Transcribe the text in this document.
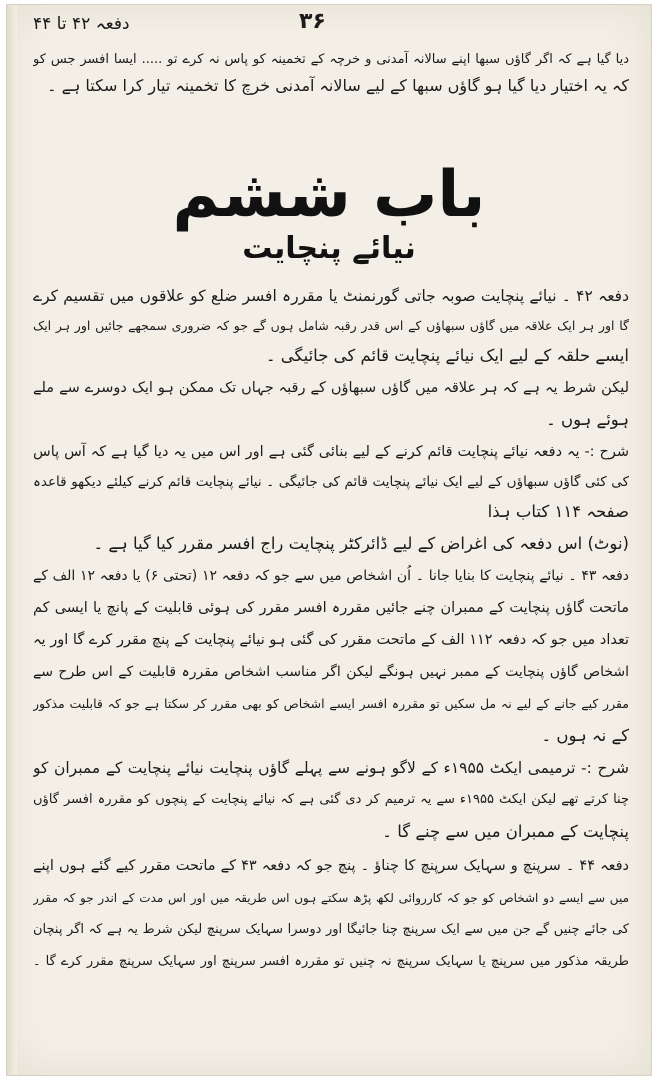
دفعہ ۴۲ تا ۴۴	۳۶
دیا گیا ہے کہ اگر گاؤں سبھا اپنے سالانہ آمدنی و خرچہ کے تخمینہ کو پاس نہ کرے تو ..... ایسا افسر جس کو
کہ یہ اختیار دیا گیا ہو گاؤں سبھا کے لیے سالانہ آمدنی خرچ کا تخمینہ تیار کرا سکتا ہے ۔
باب ششم
نیائے پنچایت
دفعہ ۴۲ ۔ نیائے پنچایت صوبہ جاتی گورنمنٹ یا مقررہ افسر ضلع کو علاقوں میں تقسیم کرے
گا اور ہر ایک علاقہ میں گاؤں سبھاؤں کے اس قدر رقبہ شامل ہوں گے جو کہ ضروری سمجھے جائیں اور ہر ایک
ایسے حلقہ کے لیے ایک نیائے پنچایت قائم کی جائیگی ۔
لیکن شرط یہ ہے کہ ہر علاقہ میں گاؤں سبھاؤں کے رقبہ جہاں تک ممکن ہو ایک دوسرے سے ملے
ہوئے ہوں ۔
شرح :- یہ دفعہ نیائے پنچایت قائم کرنے کے لیے بنائی گئی ہے اور اس میں یہ دیا گیا ہے کہ آس پاس
کی کئی گاؤں سبھاؤں کے لیے ایک نیائے پنچایت قائم کی جائیگی ۔ نیائے پنچایت قائم کرنے کیلئے دیکھو قاعدہ
صفحہ ۱۱۴ کتاب ہذا
(نوٹ) اس دفعہ کی اغراض کے لیے ڈائرکٹر پنچایت راج افسر مقرر کیا گیا ہے ۔
دفعہ ۴۳ ۔ نیائے پنچایت کا بنایا جانا ۔ اُن اشخاص میں سے جو کہ دفعہ ۱۲ (تحتی ۶) یا دفعہ ۱۲ الف کے
ماتحت گاؤں پنچایت کے ممبران چنے جائیں مقررہ افسر مقرر کی ہوئی قابلیت کے پانچ یا ایسی کم
تعداد میں جو کہ دفعہ ۱۱۲ الف کے ماتحت مقرر کی گئی ہو نیائے پنچایت کے پنچ مقرر کرے گا اور یہ
اشخاص گاؤں پنچایت کے ممبر نہیں ہونگے لیکن اگر مناسب اشخاص مقررہ قابلیت کے اس طرح سے
مقرر کیے جانے کے لیے نہ مل سکیں تو مقررہ افسر ایسے اشخاص کو بھی مقرر کر سکتا ہے جو کہ قابلیت مذکور
کے نہ ہوں ۔
شرح :- ترمیمی ایکٹ ۱۹۵۵ء کے لاگو ہونے سے پہلے گاؤں پنچایت نیائے پنچایت کے ممبران کو
چنا کرتے تھے لیکن ایکٹ ۱۹۵۵ء سے یہ ترمیم کر دی گئی ہے کہ نیائے پنچایت کے پنچوں کو مقررہ افسر گاؤں
پنچایت کے ممبران میں سے چنے گا ۔
دفعہ ۴۴ ۔ سرپنچ و سہایک سرپنچ کا چناؤ ۔ پنچ جو کہ دفعہ ۴۳ کے ماتحت مقرر کیے گئے ہوں اپنے
میں سے ایسے دو اشخاص کو جو کہ کارروائی لکھ پڑھ سکتے ہوں اس طریقہ میں اور اس مدت کے اندر جو کہ مقرر
کی جائے چنیں گے جن میں سے ایک سرپنچ چنا جائیگا اور دوسرا سہایک سرپنچ لیکن شرط یہ ہے کہ اگر پنچان
طریقہ مذکور میں سرپنچ یا سہایک سرپنچ نہ چنیں تو مقررہ افسر سرپنچ اور سہایک سرپنچ مقرر کرے گا ۔
